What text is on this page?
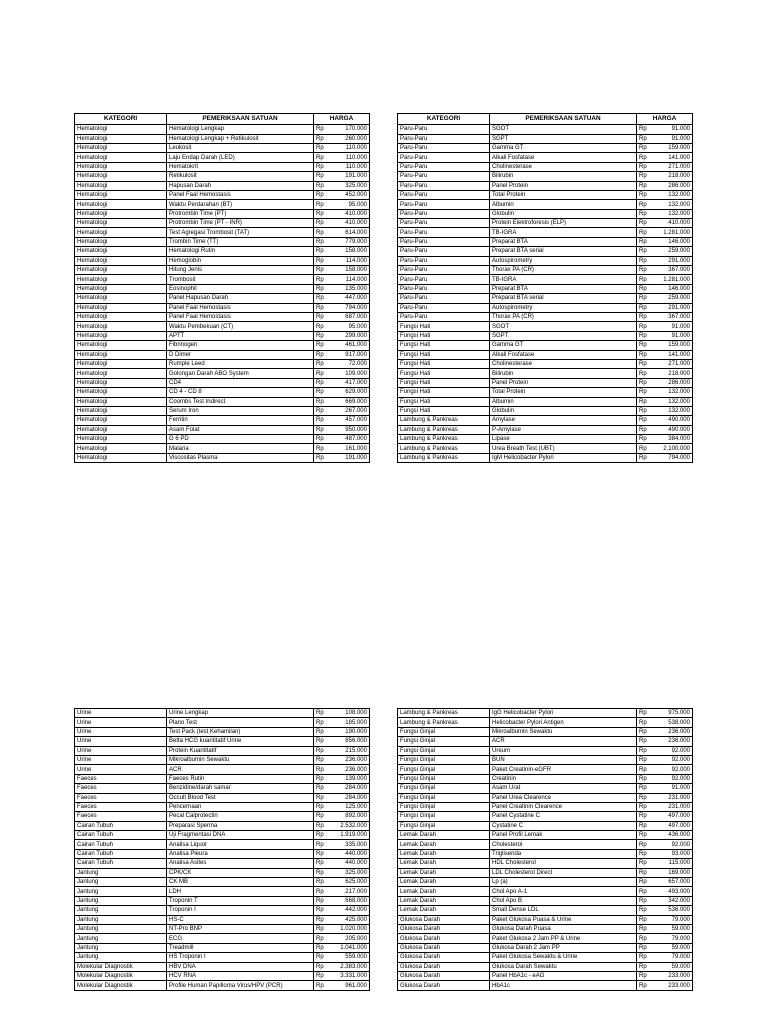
KATEGORI	PEMERIKSAAN SATUAN	HARGA	
Hematologi	Hematologi Lengkap	Rp	170.000
Hematologi	Hematologi Lengkap + Retikulosit	Rp	260.000
Hematologi	Leukosit	Rp	110.000
Hematologi	Laju Endap Darah (LED)	Rp	110.000
Hematologi	Hematokrit	Rp	110.000
Hematologi	Retikulosit	Rp	191.000
Hematologi	Hapusan Darah	Rp	325.000
Hematologi	Panel Faal Hemostasis	Rp	452.000
Hematologi	Waktu Perdarahan (BT)	Rp	95.000
Hematologi	Protrombin Time (PT)	Rp	410.000
Hematologi	Protrombin Time (PT - INR)	Rp	410.000
Hematologi	Test Agregasi Trombosit (TAT)	Rp	614.000
Hematologi	Trombin Time (TT)	Rp	779.000
Hematologi	Hematologi Rutin	Rp	158.000
Hematologi	Hemoglobin	Rp	114.000
Hematologi	Hitung Jenis	Rp	158.000
Hematologi	Trombosit	Rp	114.000
Hematologi	Eosinophil	Rp	135.000
Hematologi	Panel Hapusan Darah	Rp	447.000
Hematologi	Panel Faal Hemostasis	Rp	794.000
Hematologi	Panel Faal Hemostasis	Rp	687.000
Hematologi	Waktu Pembekuan (CT)	Rp	95.000
Hematologi	APTT	Rp	299.000
Hematologi	Fibrinogen	Rp	461.000
Hematologi	D Dimer	Rp	917.000
Hematologi	Rumple Leed	Rp	72.000
Hematologi	Golongan Darah ABO System	Rp	109.000
Hematologi	CD4	Rp	417.000
Hematologi	CD 4 - CD 8	Rp	629.000
Hematologi	Coombs Test Indirect	Rp	669.000
Hematologi	Serum Iron	Rp	267.000
Hematologi	Ferritin	Rp	457.000
Hematologi	Asam Folat	Rp	950.000
Hematologi	G 6 PD	Rp	487.000
Hematologi	Malaria	Rp	161.000
Hematologi	Viscositas Plasma	Rp	191.000
KATEGORI	PEMERIKSAAN SATUAN	HARGA	
Paru-Paru	SGOT	Rp	91.000
Paru-Paru	SGPT	Rp	91.000
Paru-Paru	Gamma GT	Rp	159.000
Paru-Paru	Alkali Fosfatase	Rp	141.000
Paru-Paru	Cholinesterase	Rp	271.000
Paru-Paru	Bilirubin	Rp	218.000
Paru-Paru	Panel Protein	Rp	286.000
Paru-Paru	Total Protein	Rp	132.000
Paru-Paru	Albumin	Rp	132.000
Paru-Paru	Globulin	Rp	132.000
Paru-Paru	Protein Elektroforesis (ELP)	Rp	410.000
Paru-Paru	TB-IGRA	Rp	1.281.000
Paru-Paru	Preparat BTA	Rp	146.000
Paru-Paru	Preparat BTA serial	Rp	259.000
Paru-Paru	Autospirometry	Rp	291.000
Paru-Paru	Thorax PA (CR)	Rp	367.000
Paru-Paru	TB-IGRA	Rp	1.281.000
Paru-Paru	Preparat BTA	Rp	146.000
Paru-Paru	Preparat BTA serial	Rp	259.000
Paru-Paru	Autospirometry	Rp	291.000
Paru-Paru	Thorax PA (CR)	Rp	367.000
Fungsi Hati	SGOT	Rp	91.000
Fungsi Hati	SGPT	Rp	91.000
Fungsi Hati	Gamma GT	Rp	159.000
Fungsi Hati	Alkali Fosfatase	Rp	141.000
Fungsi Hati	Cholinesterase	Rp	271.000
Fungsi Hati	Bilirubin	Rp	218.000
Fungsi Hati	Panel Protein	Rp	286.000
Fungsi Hati	Total Protein	Rp	132.000
Fungsi Hati	Albumin	Rp	132.000
Fungsi Hati	Globulin	Rp	132.000
Lambung & Pankreas	Amylase	Rp	490.000
Lambung & Pankreas	P-Amylase	Rp	490.000
Lambung & Pankreas	Lipase	Rp	384.000
Lambung & Pankreas	Urea Breath Test (UBT)	Rp	2.100.000
Lambung & Pankreas	IgM Helicobacter Pylori	Rp	794.000
Urine	Urine Lengkap	Rp	108.000
Urine	Plano Test	Rp	185.000
Urine	Test Pack (test Kehamilan)	Rp	190.000
Urine	Betta HCG kuantitatif Urine	Rp	856.000
Urine	Protein Kuantitatif	Rp	215.000
Urine	Mikroalbumin Sewaktu	Rp	236.000
Urine	ACR	Rp	236.000
Faeces	Faeces Rutin	Rp	139.000
Faeces	Benzidine/darah samar	Rp	284.000
Faeces	Occult Blood Test	Rp	284.000
Faeces	Pencernaan	Rp	125.000
Faeces	Pecal Calprotectin	Rp	892.000
Cairan Tubuh	Preparasi Sperma	Rp	2.532.000
Cairan Tubuh	Uji Fragmentasi DNA	Rp	1.919.000
Cairan Tubuh	Analisa Liquor	Rp	335.000
Cairan Tubuh	Analisa Pleura	Rp	440.000
Cairan Tubuh	Analisa Asites	Rp	440.000
Jantung	CPK/CK	Rp	325.000
Jantung	CK MB	Rp	625.000
Jantung	LDH	Rp	217.000
Jantung	Troponin T	Rp	668.000
Jantung	Troponin I	Rp	442.000
Jantung	HS-C	Rp	425.000
Jantung	NT-Pro BNP	Rp	1.020.000
Jantung	ECG	Rp	205.000
Jantung	Treadmill	Rp	1.041.000
Jantung	HS Troponin I	Rp	559.000
Molekular Diagnostik	HBV DNA	Rp	2.383.000
Molekular Diagnostik	HCV RNA	Rp	3.331.000
Molekular Diagnostik	Profile Human Papilloma Virus/HPV (PCR)	Rp	961.000
Lambung & Pankreas	IgG Helicobacter Pylori	Rp	975.000
Lambung & Pankreas	Helicobacter Pylori Antigen	Rp	538.000
Fungsi Ginjal	Mikroalbumin Sewaktu	Rp	236.000
Fungsi Ginjal	ACR	Rp	236.000
Fungsi Ginjal	Ureum	Rp	92.000
Fungsi Ginjal	BUN	Rp	92.000
Fungsi Ginjal	Paket Creatinin-eGFR	Rp	92.000
Fungsi Ginjal	Creatinin	Rp	92.000
Fungsi Ginjal	Asam Urat	Rp	91.000
Fungsi Ginjal	Panel Urea Clearence	Rp	231.000
Fungsi Ginjal	Panel Creatinin Clearence	Rp	231.000
Fungsi Ginjal	Panel Cystatine C	Rp	497.000
Fungsi Ginjal	Cystatine C	Rp	497.000
Lemak Darah	Panel Profil Lemak	Rp	436.000
Lemak Darah	Cholesterol	Rp	92.000
Lemak Darah	Trigliserida	Rp	93.000
Lemak Darah	HDL Cholesterol	Rp	115.000
Lemak Darah	LDL Cholesterol Direct	Rp	169.000
Lemak Darah	Lp (a)	Rp	657.000
Lemak Darah	Chol Apo A-1	Rp	493.000
Lemak Darah	Chol Apo B	Rp	342.000
Lemak Darah	Small Dense LDL	Rp	536.000
Glukosa Darah	Paket Glukosa Puasa & Urine	Rp	79.000
Glukosa Darah	Glukosa Darah Puasa	Rp	59.000
Glukosa Darah	Paket Glukosa 2 Jam PP & Urine	Rp	79.000
Glukosa Darah	Glukosa Darah 2 Jam PP	Rp	59.000
Glukosa Darah	Paket Glukosa Sewaktu & Urine	Rp	79.000
Glukosa Darah	Glukosa Darah Sewaktu	Rp	59.000
Glukosa Darah	Panel HbA1c - eAG	Rp	233.000
Glukosa Darah	HbA1c	Rp	233.000
